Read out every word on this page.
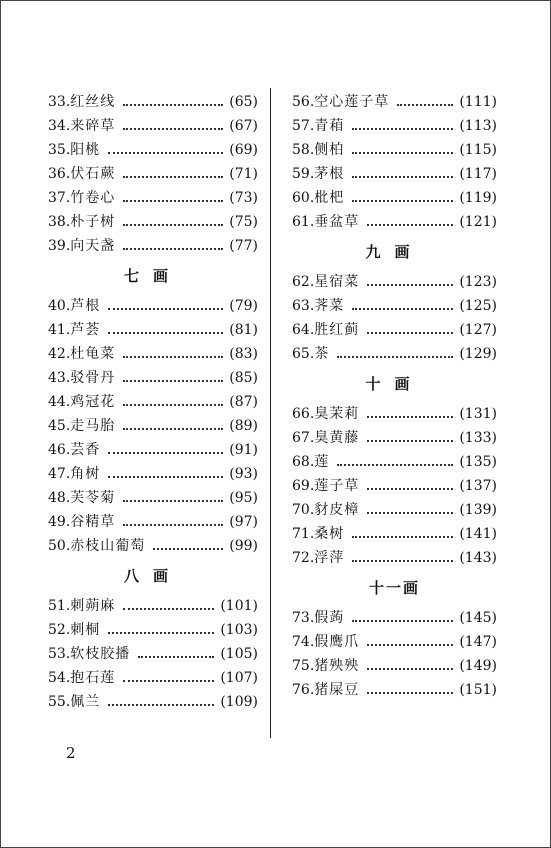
33.红丝线	(65)
34.来碎草	(67)
35.阳桃	(69)
36.伏石蕨	(71)
37.竹卷心	(73)
38.朴子树	(75)
39.向天盏	(77)
七画
40.芦根	(79)
41.芦荟	(81)
42.杜龟菜	(83)
43.驳骨丹	(85)
44.鸡冠花	(87)
45.走马胎	(89)
46.芸香	(91)
47.角树	(93)
48.芙苓菊	(95)
49.谷精草	(97)
50.赤枝山葡萄	(99)
八画
51.刺蒴麻	(101)
52.刺桐	(103)
53.软枝胶播	(105)
54.抱石莲	(107)
55.佩兰	(109)
56.空心莲子草	(111)
57.青葙	(113)
58.侧柏	(115)
59.茅根	(117)
60.枇杷	(119)
61.垂盆草	(121)
九画
62.星宿菜	(123)
63.荠菜	(125)
64.胜红蓟	(127)
65.茶	(129)
十画
66.臭茉莉	(131)
67.臭黄藤	(133)
68.莲	(135)
69.莲子草	(137)
70.豺皮樟	(139)
71.桑树	(141)
72.浮萍	(143)
十一画
73.假蒟	(145)
74.假鹰爪	(147)
75.猪殃殃	(149)
76.猪屎豆	(151)
2
